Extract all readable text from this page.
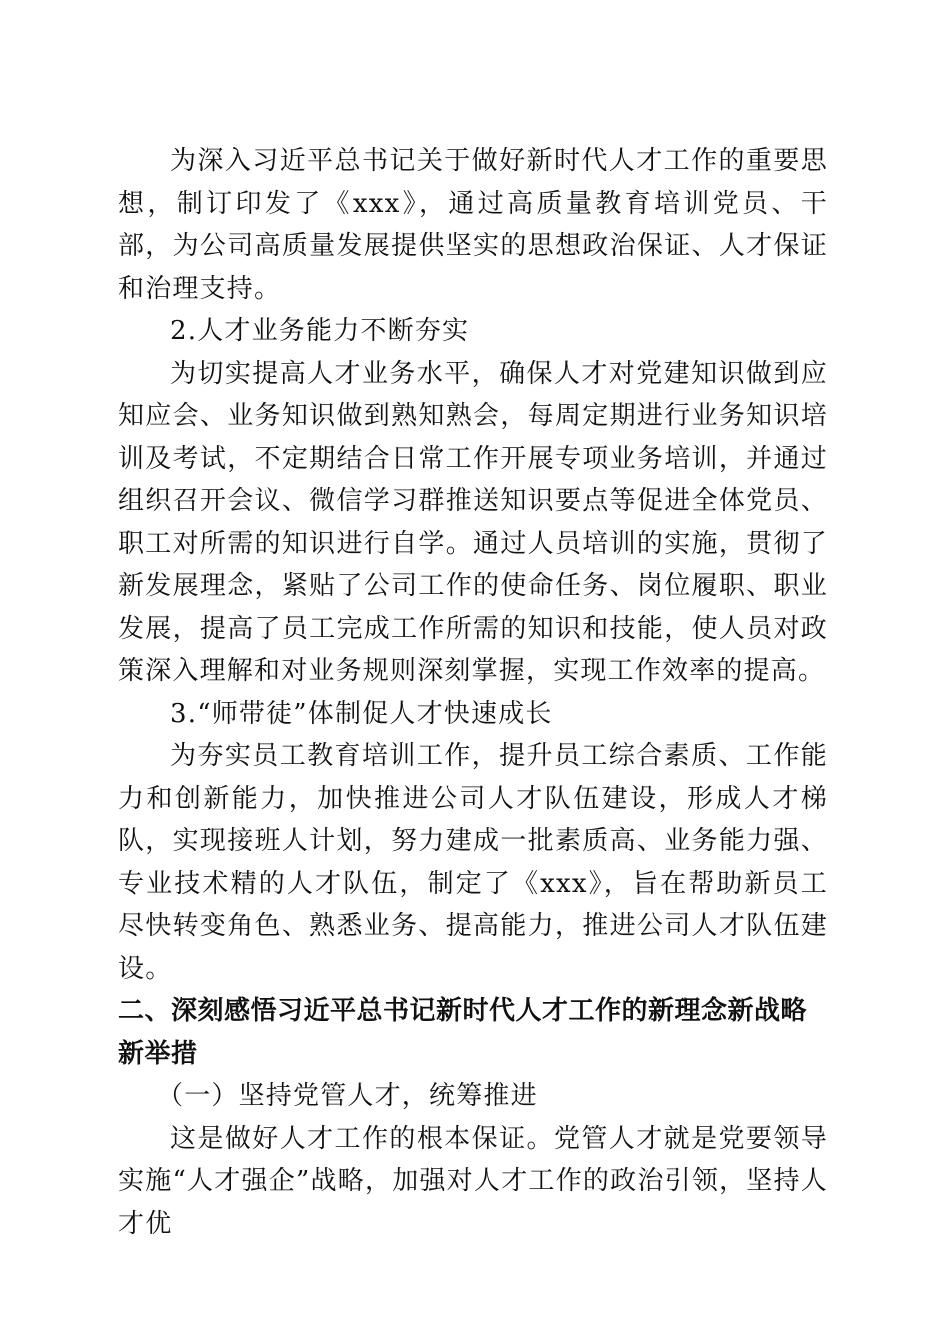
为深入习近平总书记关于做好新时代人才工作的重要思想，制订印发了《xxx》，通过高质量教育培训党员、干部，为公司高质量发展提供坚实的思想政治保证、人才保证和治理支持。

2.人才业务能力不断夯实

为切实提高人才业务水平，确保人才对党建知识做到应知应会、业务知识做到熟知熟会，每周定期进行业务知识培训及考试，不定期结合日常工作开展专项业务培训，并通过组织召开会议、微信学习群推送知识要点等促进全体党员、职工对所需的知识进行自学。通过人员培训的实施，贯彻了新发展理念，紧贴了公司工作的使命任务、岗位履职、职业发展，提高了员工完成工作所需的知识和技能，使人员对政策深入理解和对业务规则深刻掌握，实现工作效率的提高。

3.“师带徒”体制促人才快速成长

为夯实员工教育培训工作，提升员工综合素质、工作能力和创新能力，加快推进公司人才队伍建设，形成人才梯队，实现接班人计划，努力建成一批素质高、业务能力强、专业技术精的人才队伍，制定了《xxx》，旨在帮助新员工尽快转变角色、熟悉业务、提高能力，推进公司人才队伍建设。

二、深刻感悟习近平总书记新时代人才工作的新理念新战略新举措

（一）坚持党管人才，统筹推进

这是做好人才工作的根本保证。党管人才就是党要领导实施“人才强企”战略，加强对人才工作的政治引领，坚持人才优
